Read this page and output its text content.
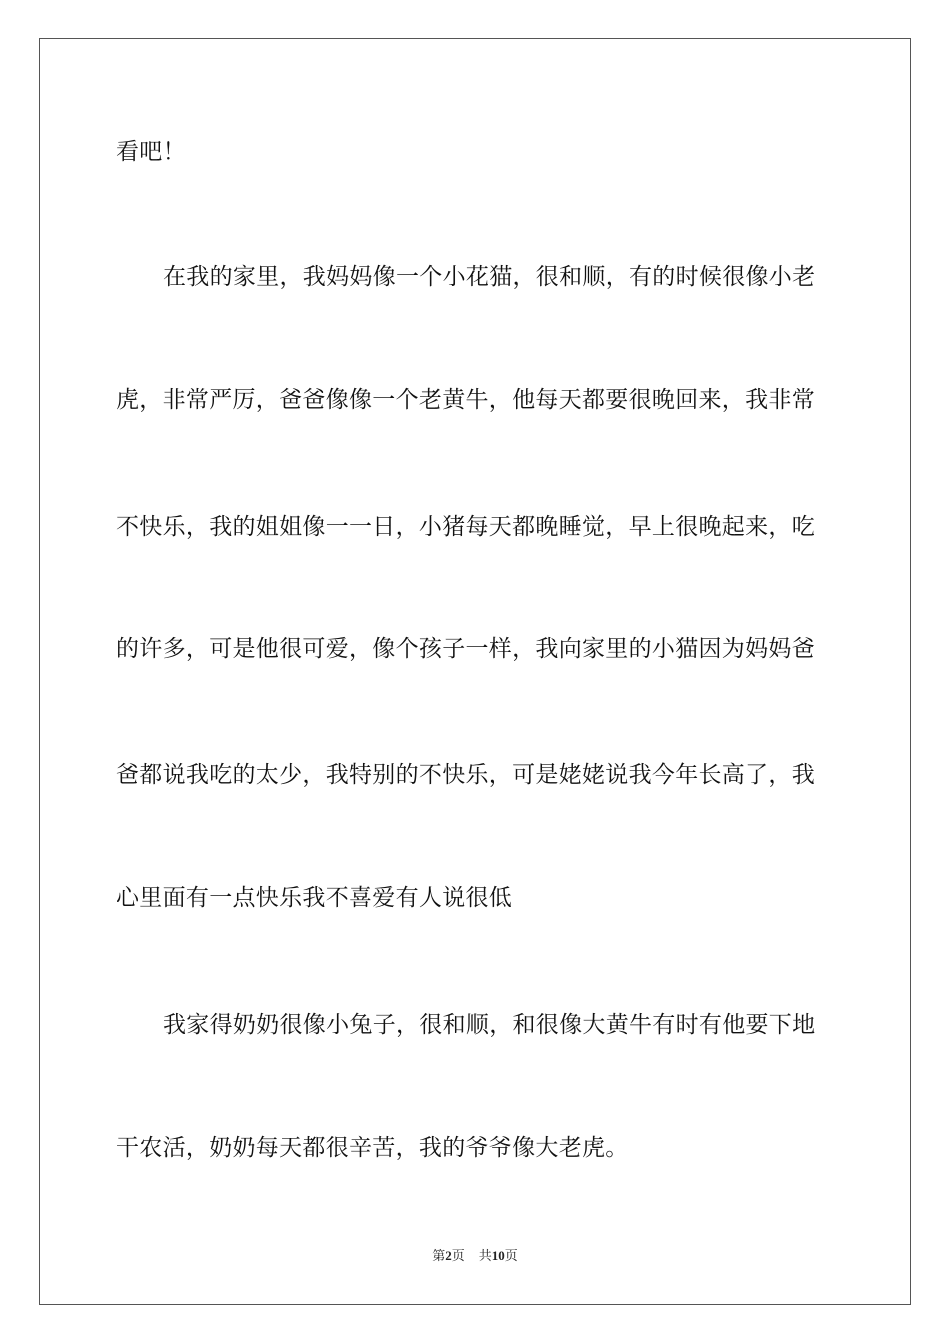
看吧！
在我的家里，我妈妈像一个小花猫，很和顺，有的时候很像小老
虎，非常严厉，爸爸像像一个老黄牛，他每天都要很晚回来，我非常
不快乐，我的姐姐像一一日，小猪每天都晚睡觉，早上很晚起来，吃
的许多，可是他很可爱，像个孩子一样，我向家里的小猫因为妈妈爸
爸都说我吃的太少，我特别的不快乐，可是姥姥说我今年长高了，我
心里面有一点快乐我不喜爱有人说很低
我家得奶奶很像小兔子，很和顺，和很像大黄牛有时有他要下地
干农活，奶奶每天都很辛苦，我的爷爷像大老虎。
第2页 共10页
